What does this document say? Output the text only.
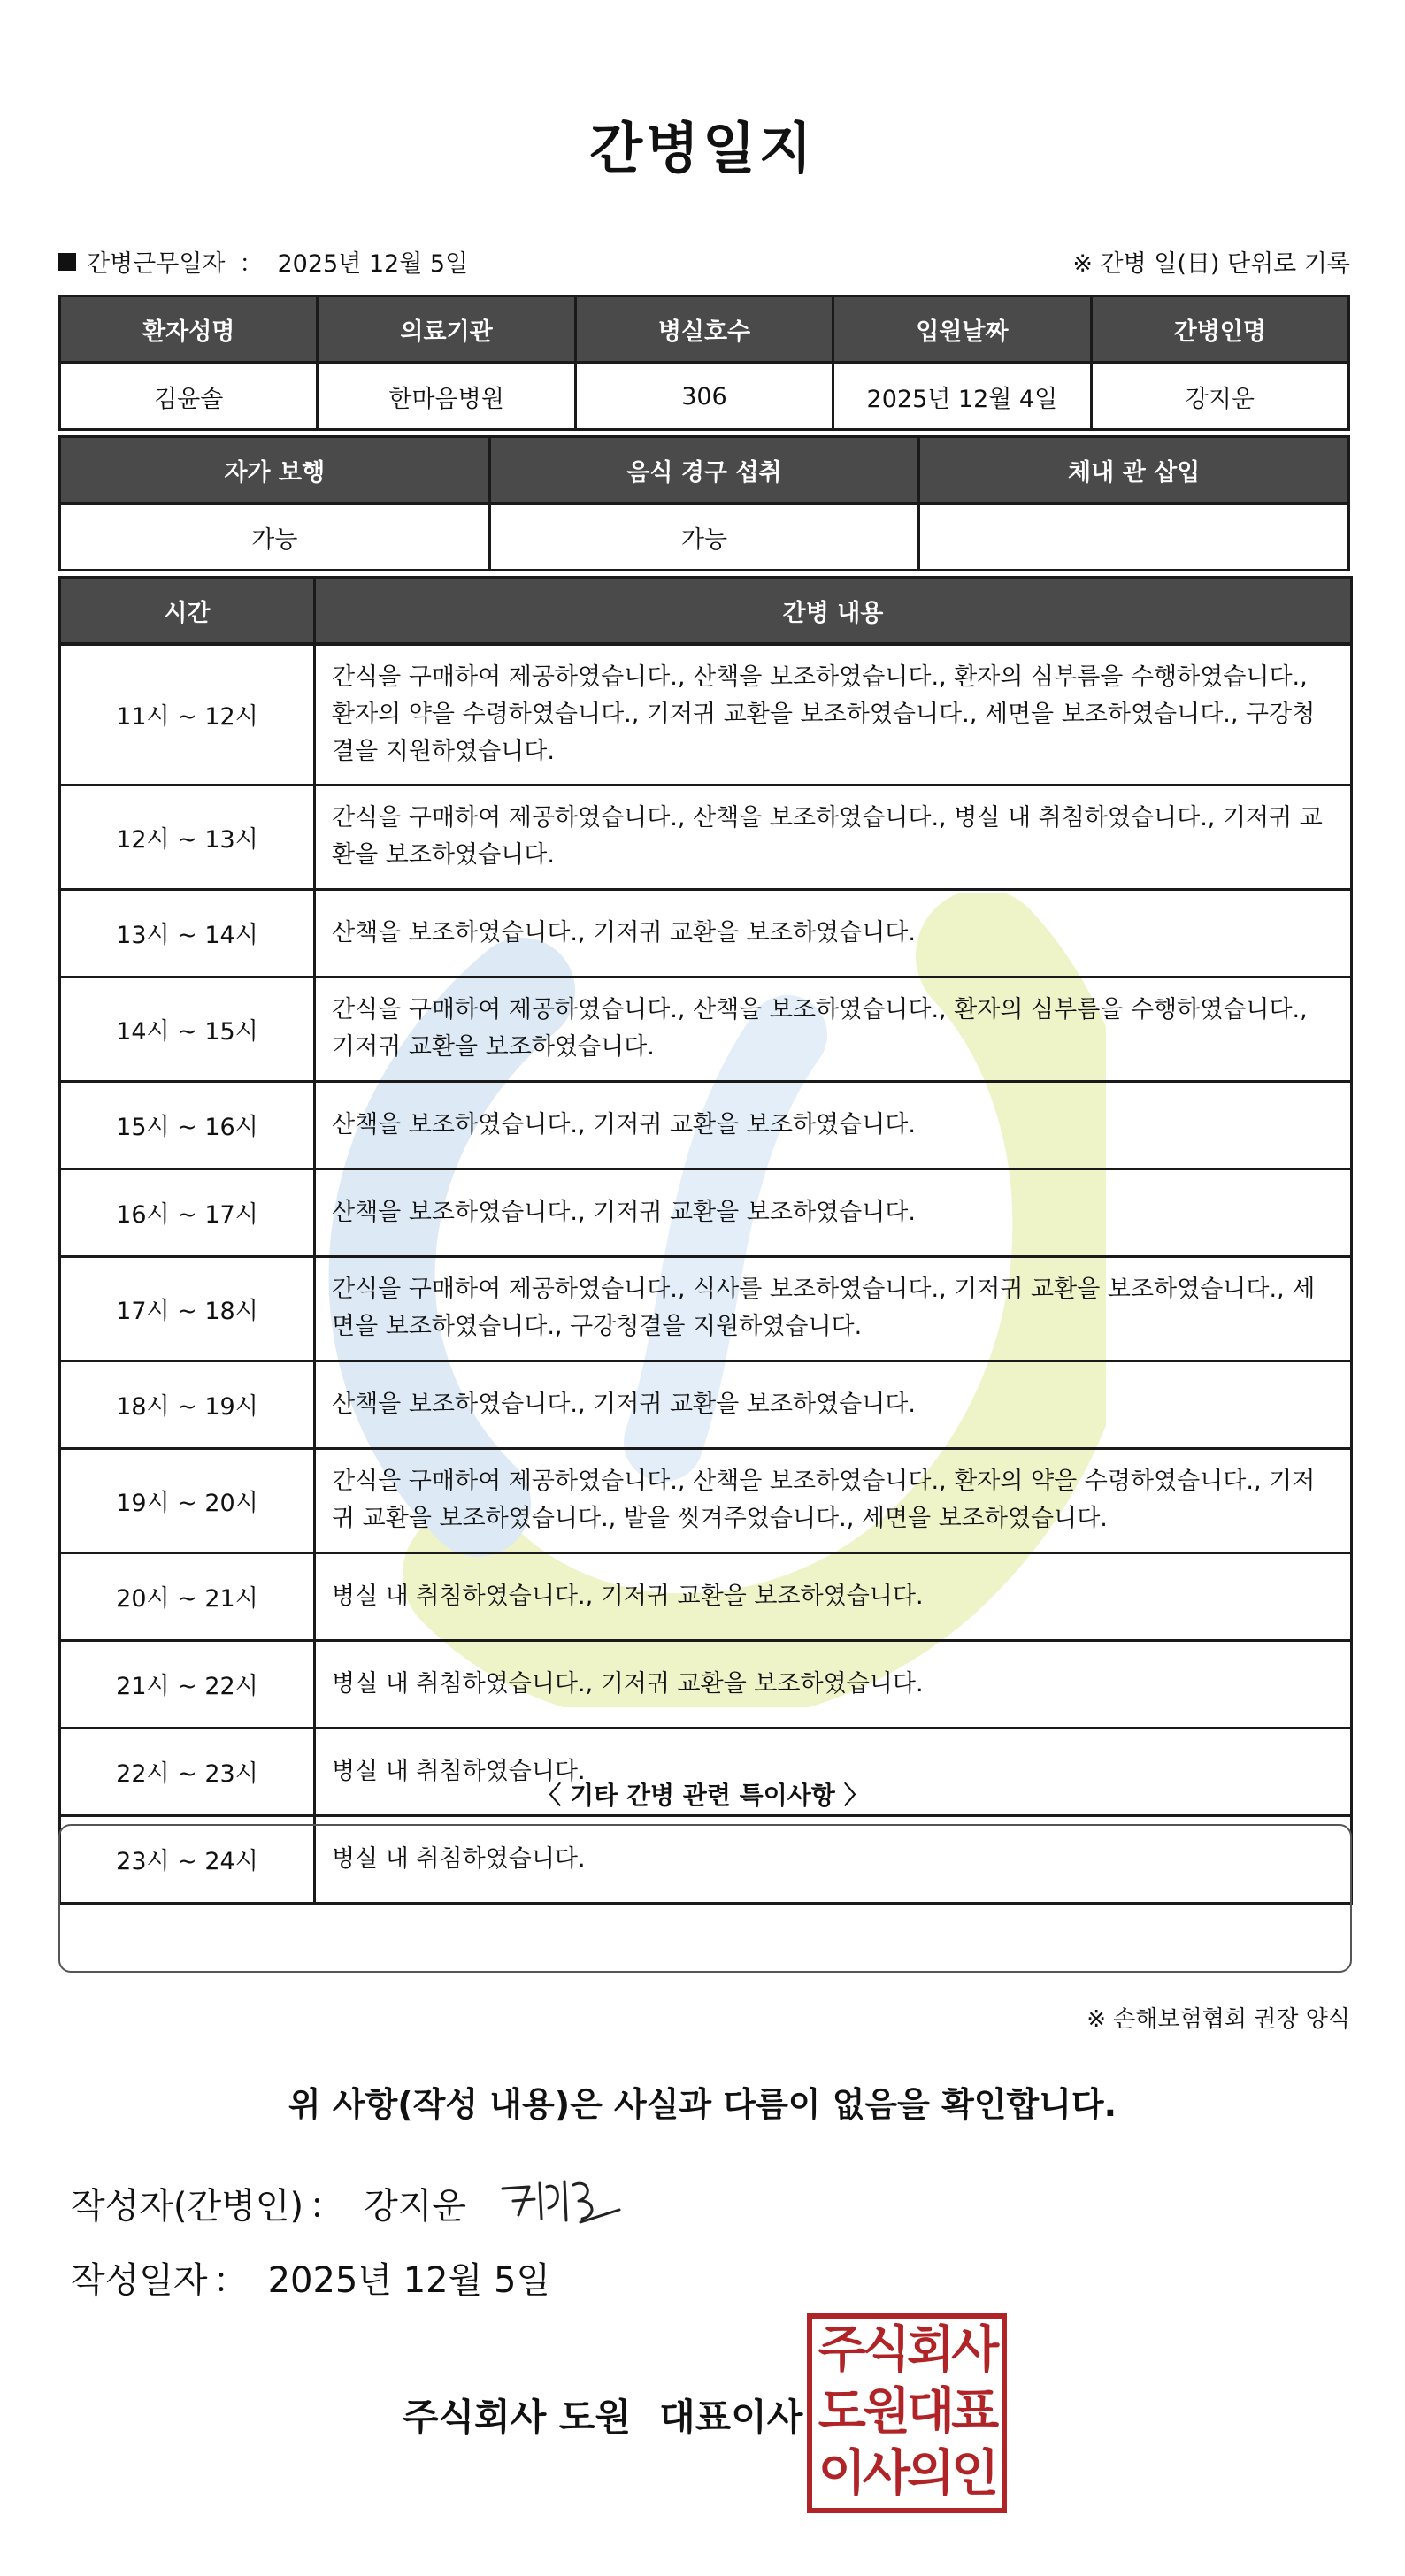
간병일지
간병근무일자 ： 2025년 12월 5일	※ 간병 일(日) 단위로 기록
환자성명	의료기관	병실호수	입원날짜	간병인명
김윤솔	한마음병원	306	2025년 12월 4일	강지운
자가 보행	음식 경구 섭취	체내 관 삽입
가능	가능	
시간	간병 내용
11시 ~ 12시	간식을 구매하여 제공하였습니다., 산책을 보조하였습니다., 환자의 심부름을 수행하였습니다., 환자의 약을 수령하였습니다., 기저귀 교환을 보조하였습니다., 세면을 보조하였습니다., 구강청결을 지원하였습니다.
12시 ~ 13시	간식을 구매하여 제공하였습니다., 산책을 보조하였습니다., 병실 내 취침하였습니다., 기저귀 교환을 보조하였습니다.
13시 ~ 14시	산책을 보조하였습니다., 기저귀 교환을 보조하였습니다.
14시 ~ 15시	간식을 구매하여 제공하였습니다., 산책을 보조하였습니다., 환자의 심부름을 수행하였습니다., 기저귀 교환을 보조하였습니다.
15시 ~ 16시	산책을 보조하였습니다., 기저귀 교환을 보조하였습니다.
16시 ~ 17시	산책을 보조하였습니다., 기저귀 교환을 보조하였습니다.
17시 ~ 18시	간식을 구매하여 제공하였습니다., 식사를 보조하였습니다., 기저귀 교환을 보조하였습니다., 세면을 보조하였습니다., 구강청결을 지원하였습니다.
18시 ~ 19시	산책을 보조하였습니다., 기저귀 교환을 보조하였습니다.
19시 ~ 20시	간식을 구매하여 제공하였습니다., 산책을 보조하였습니다., 환자의 약을 수령하였습니다., 기저귀 교환을 보조하였습니다., 발을 씻겨주었습니다., 세면을 보조하였습니다.
20시 ~ 21시	병실 내 취침하였습니다., 기저귀 교환을 보조하였습니다.
21시 ~ 22시	병실 내 취침하였습니다., 기저귀 교환을 보조하였습니다.
22시 ~ 23시	병실 내 취침하였습니다.
23시 ~ 24시	병실 내 취침하였습니다.
〈 기타 간병 관련 특이사항 〉
※ 손해보험협회 권장 양식
위 사항(작성 내용)은 사실과 다름이 없음을 확인합니다.
작성자(간병인) ： 강지운
작성일자 ： 2025년 12월 5일
주식회사 도원 대표이사
주식회사
도원대표
이사의인
